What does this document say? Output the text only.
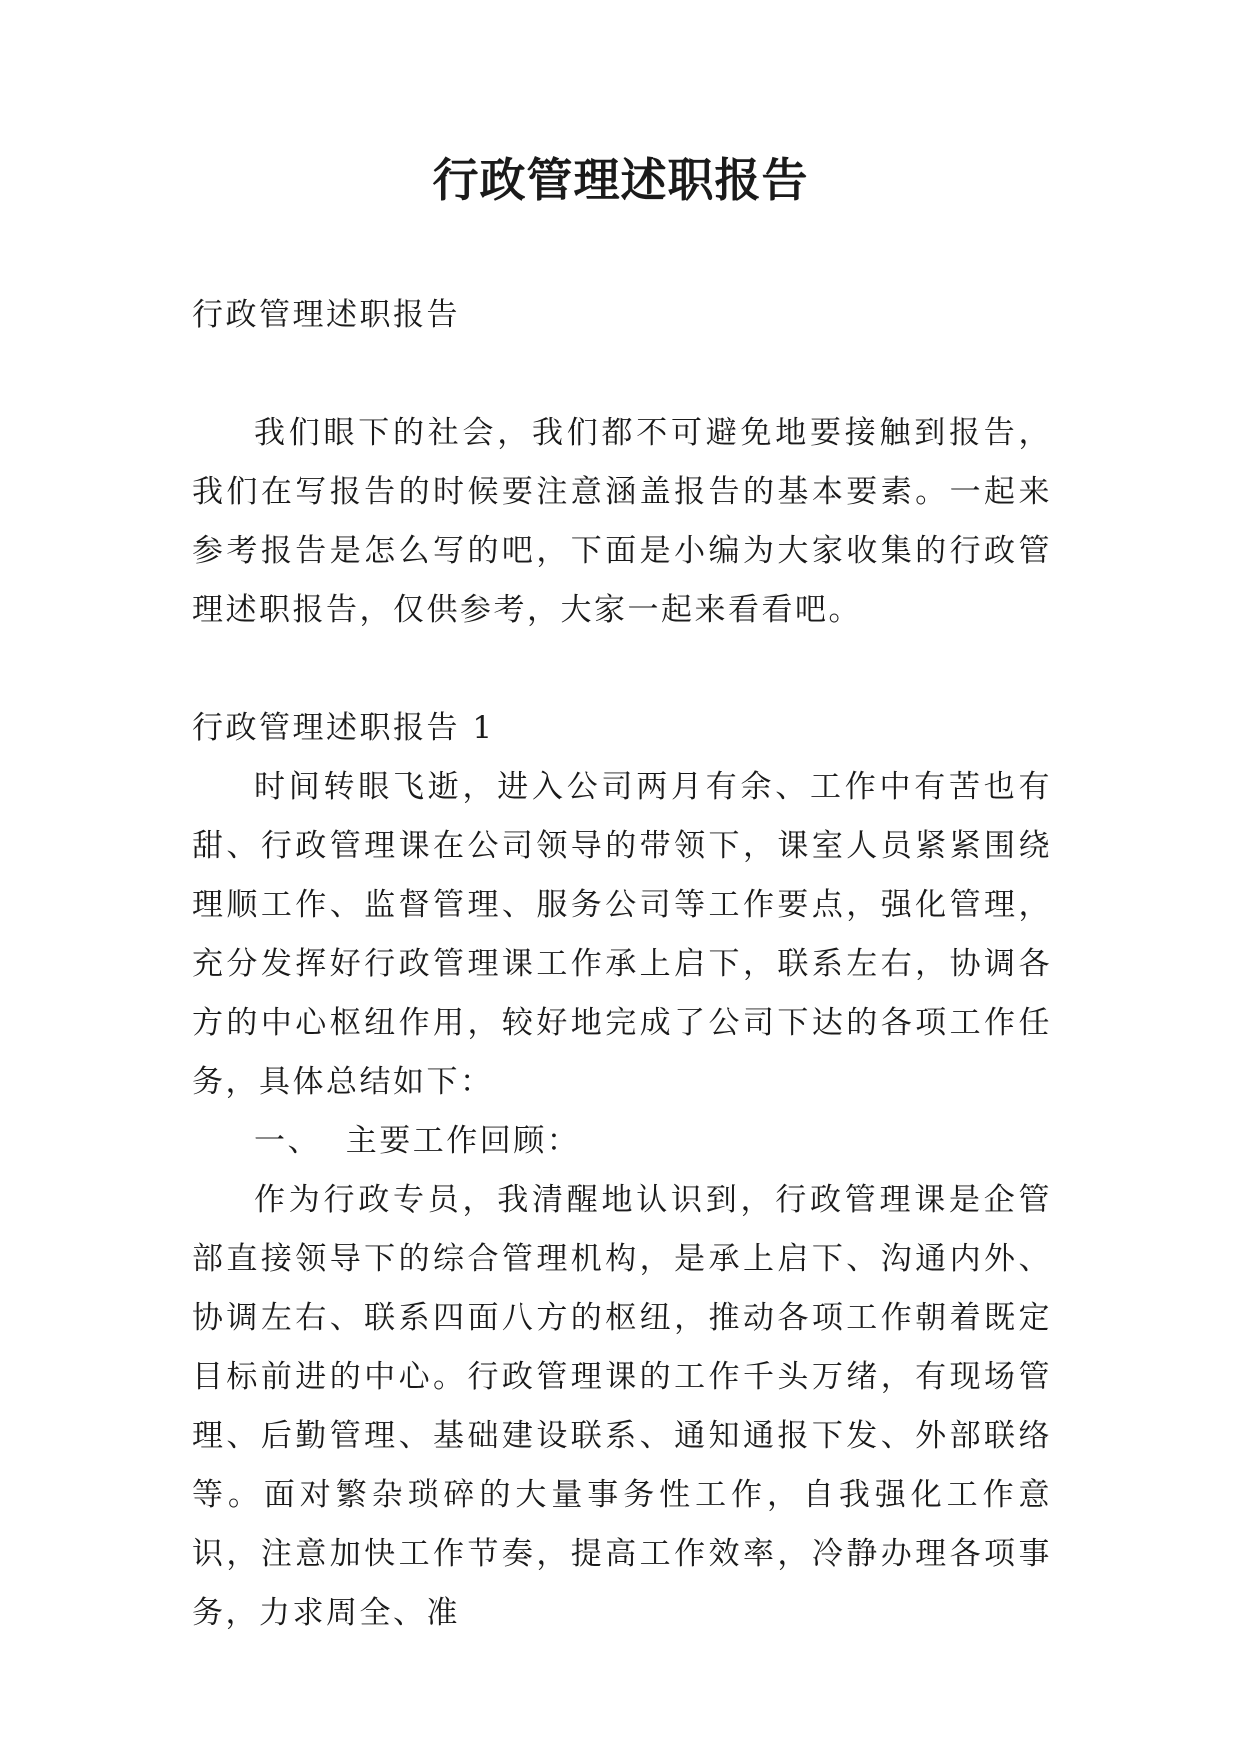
行政管理述职报告

行政管理述职报告

我们眼下的社会，我们都不可避免地要接触到报告，我们在写报告的时候要注意涵盖报告的基本要素。一起来参考报告是怎么写的吧，下面是小编为大家收集的行政管理述职报告，仅供参考，大家一起来看看吧。

行政管理述职报告 1

时间转眼飞逝，进入公司两月有余、工作中有苦也有甜、行政管理课在公司领导的带领下，课室人员紧紧围绕理顺工作、监督管理、服务公司等工作要点，强化管理，充分发挥好行政管理课工作承上启下，联系左右，协调各方的中心枢纽作用，较好地完成了公司下达的各项工作任务，具体总结如下：

一、  主要工作回顾：

作为行政专员，我清醒地认识到，行政管理课是企管部直接领导下的综合管理机构，是承上启下、沟通内外、协调左右、联系四面八方的枢纽，推动各项工作朝着既定目标前进的中心。行政管理课的工作千头万绪，有现场管理、后勤管理、基础建设联系、通知通报下发、外部联络等。面对繁杂琐碎的大量事务性工作，自我强化工作意识，注意加快工作节奏，提高工作效率，冷静办理各项事务，力求周全、准
